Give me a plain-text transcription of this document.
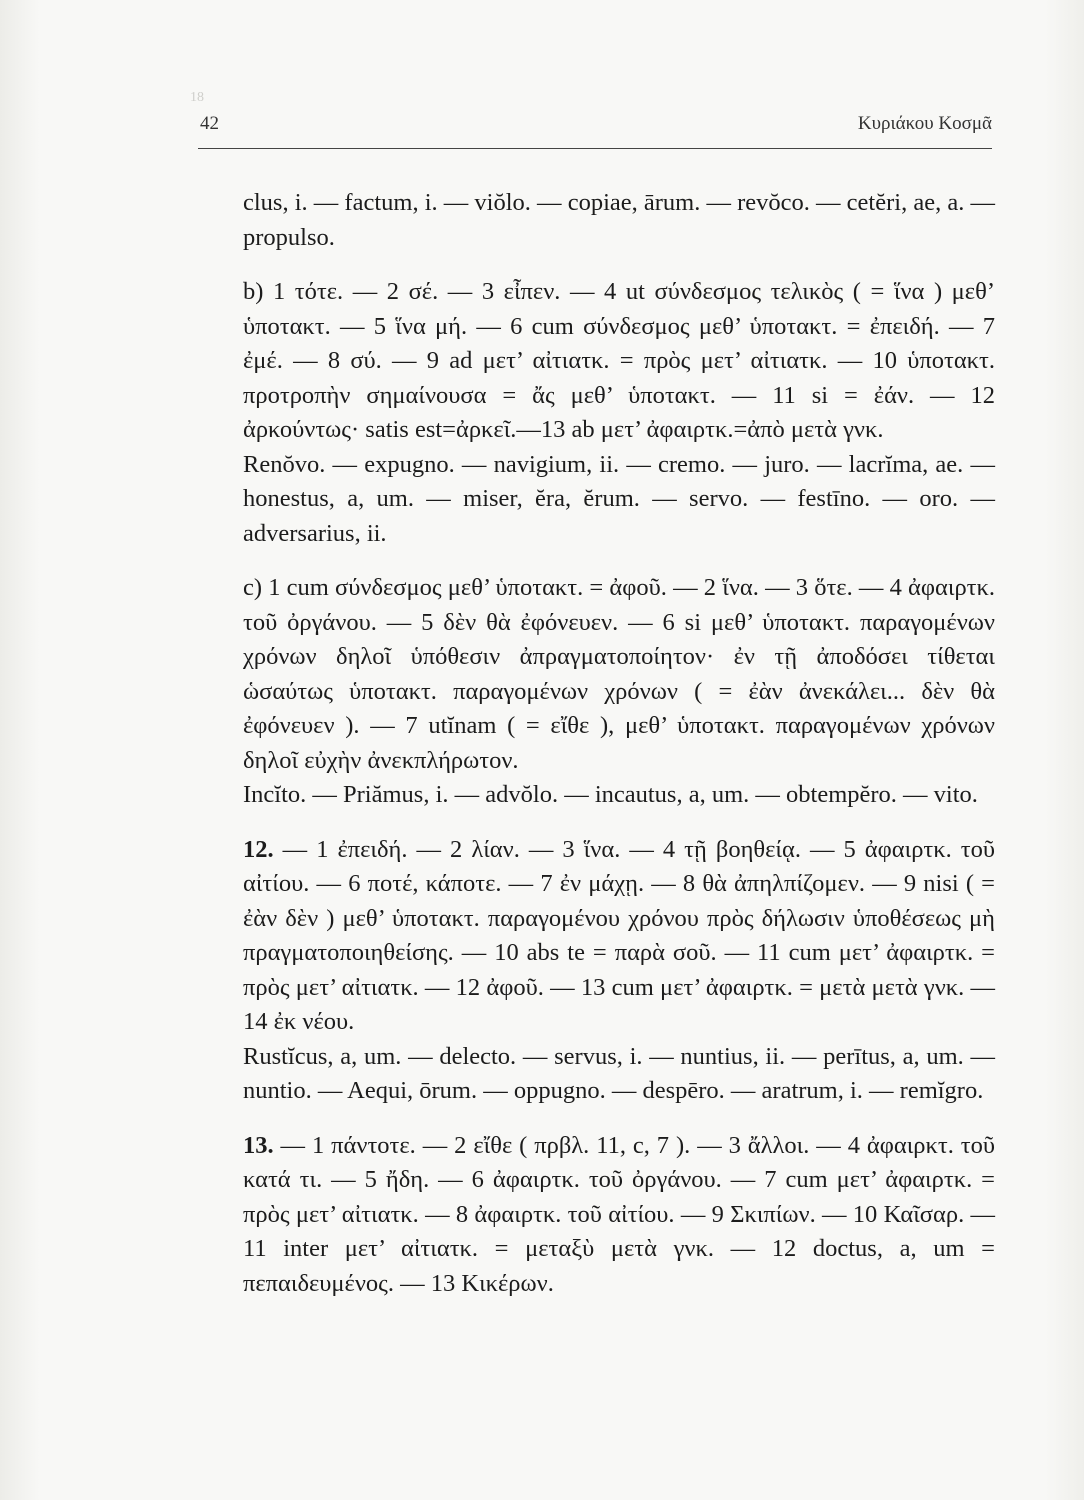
18
42	Κυριάκου Κοσμᾶ

clus, i. — factum, i. — viŏlo. — copiae, ārum. — revŏco. — cetĕri, ae, a. — propulso.

b) 1 τότε. — 2 σέ. — 3 εἶπεν. — 4 ut σύνδεσμος τελικὸς ( = ἵνα ) μεθ’ ὑποτακτ. — 5 ἵνα μή. — 6 cum σύνδεσμος μεθ’ ὑποτακτ. = ἐπειδή. — 7 ἐμέ. — 8 σύ. — 9 ad μετ’ αἰτιατκ. = πρὸς μετ’ αἰτιατκ. — 10 ὑποτακτ. προτροπὴν σημαίνουσα = ἄς μεθ’ ὑποτακτ. — 11 si = ἐάν. — 12 ἀρκούντως· satis est=ἀρκεῖ.—13 ab μετ’ ἀφαιρτκ.=ἀπὸ μετὰ γνκ.

Renŏvo. — expugno. — navigium, ii. — cremo. — juro. — lacrĭma, ae. — honestus, a, um. — miser, ĕra, ĕrum. — servo. — festīno. — oro. — adversarius, ii.

c) 1 cum σύνδεσμος μεθ’ ὑποτακτ. = ἀφοῦ. — 2 ἵνα. — 3 ὅτε. — 4 ἀφαιρτκ. τοῦ ὀργάνου. — 5 δὲν θὰ ἐφόνευεν. — 6 si μεθ’ ὑποτακτ. παραγομένων χρόνων δηλοῖ ὑπόθεσιν ἀπραγματοποίητον· ἐν τῇ ἀποδόσει τίθεται ὡσαύτως ὑποτακτ. παραγομένων χρόνων ( = ἐὰν ἀνεκάλει... δὲν θὰ ἐφόνευεν ). — 7 utĭnam ( = εἴθε ), μεθ’ ὑποτακτ. παραγομένων χρόνων δηλοῖ εὐχὴν ἀνεκπλήρωτον.

Incĭto. — Priămus, i. — advŏlo. — incautus, a, um. — obtempĕro. — vito.

12. — 1 ἐπειδή. — 2 λίαν. — 3 ἵνα. — 4 τῇ βοηθείᾳ. — 5 ἀφαιρτκ. τοῦ αἰτίου. — 6 ποτέ, κάποτε. — 7 ἐν μάχῃ. — 8 θὰ ἀπηλπίζομεν. — 9 nisi ( = ἐὰν δὲν ) μεθ’ ὑποτακτ. παραγομένου χρόνου πρὸς δήλωσιν ὑποθέσεως μὴ πραγματοποιηθείσης. — 10 abs te = παρὰ σοῦ. — 11 cum μετ’ ἀφαιρτκ. = πρὸς μετ’ αἰτιατκ. — 12 ἀφοῦ. — 13 cum μετ’ ἀφαιρτκ. = μετὰ μετὰ γνκ. — 14 ἐκ νέου.

Rustĭcus, a, um. — delecto. — servus, i. — nuntius, ii. — perītus, a, um. — nuntio. — Aequi, ōrum. — oppugno. — despēro. — aratrum, i. — remĭgro.

13. — 1 πάντοτε. — 2 εἴθε ( πρβλ. 11, c, 7 ). — 3 ἄλλοι. — 4 ἀφαιρκτ. τοῦ κατά τι. — 5 ἤδη. — 6 ἀφαιρτκ. τοῦ ὀργάνου. — 7 cum μετ’ ἀφαιρτκ. = πρὸς μετ’ αἰτιατκ. — 8 ἀφαιρτκ. τοῦ αἰτίου. — 9 Σκιπίων. — 10 Καῖσαρ. — 11 inter μετ’ αἰτιατκ. = μεταξὺ μετὰ γνκ. — 12 doctus, a, um = πεπαιδευμένος. — 13 Κικέρων.
